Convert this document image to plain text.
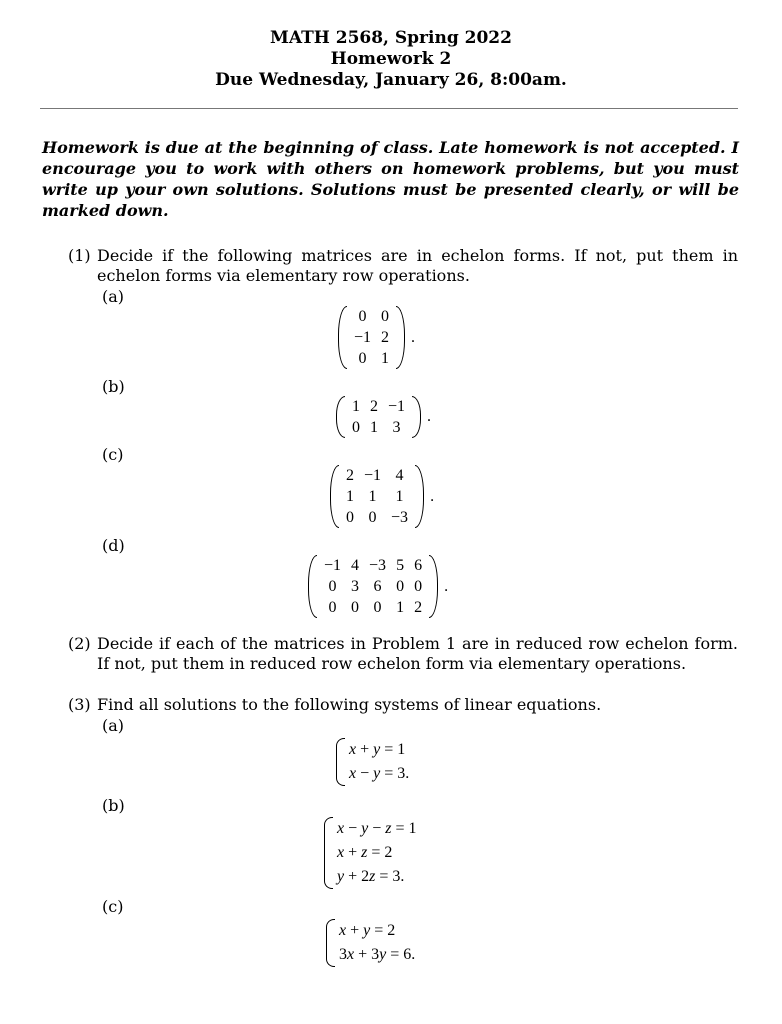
MATH 2568, Spring 2022
Homework 2
Due Wednesday, January 26, 8:00am.
Homework is due at the beginning of class. Late homework is not accepted. I encourage you to work with others on homework problems, but you must write up your own solutions. Solutions must be presented clearly, or will be marked down.
(1) Decide if the following matrices are in echelon forms. If not, put them in echelon forms via elementary row operations.
(a)
0	0
−1	2
0	1
.
(b)
1	2	−1
0	1	3
.
(c)
2	−1	4
1	1	1
0	0	−3
.
(d)
−1	4	−3	5	6
0	3	6	0	0
0	0	0	1	2
.
(2) Decide if each of the matrices in Problem 1 are in reduced row echelon form. If not, put them in reduced row echelon form via elementary operations.
(3) Find all solutions to the following systems of linear equations.
(a)
x + y = 1
x − y = 3.
(b)
x − y − z = 1
x + z = 2
y + 2z = 3.
(c)
x + y = 2
3x + 3y = 6.
